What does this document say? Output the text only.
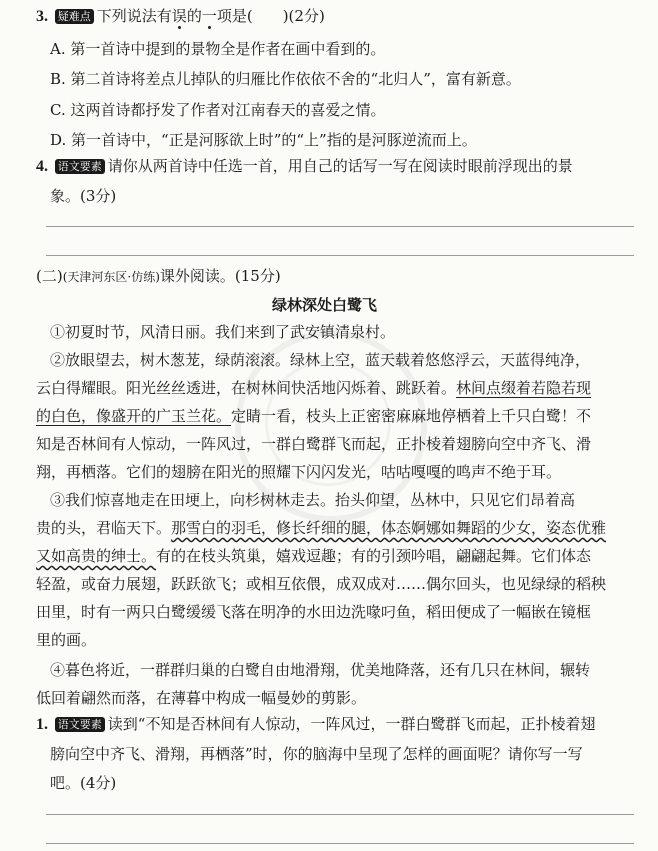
3. 疑难点 下列说法有误的一项是(　　)(2分)
A. 第一首诗中提到的景物全是作者在画中看到的。
B. 第二首诗将差点儿掉队的归雁比作依依不舍的“北归人”，富有新意。
C. 这两首诗都抒发了作者对江南春天的喜爱之情。
D. 第一首诗中，“正是河豚欲上时”的“上”指的是河豚逆流而上。
4. 语文要素 请你从两首诗中任选一首，用自己的话写一写在阅读时眼前浮现出的景
象。(3分)
(二)(天津河东区·仿练)课外阅读。(15分)
绿林深处白鹭飞
①初夏时节，风清日丽。我们来到了武安镇清泉村。
②放眼望去，树木葱茏，绿荫滚滚。绿林上空，蓝天载着悠悠浮云，天蓝得纯净，
云白得耀眼。阳光丝丝透进，在树林间快活地闪烁着、跳跃着。林间点缀着若隐若现
的白色，像盛开的广玉兰花。定睛一看，枝头上正密密麻麻地停栖着上千只白鹭！不
知是否林间有人惊动，一阵风过，一群白鹭群飞而起，正扑棱着翅膀向空中齐飞、滑
翔，再栖落。它们的翅膀在阳光的照耀下闪闪发光，咕咕嘎嘎的鸣声不绝于耳。
③我们惊喜地走在田埂上，向杉树林走去。抬头仰望，丛林中，只见它们昂着高
贵的头，君临天下。那雪白的羽毛，修长纤细的腿，体态婀娜如舞蹈的少女，姿态优雅
又如高贵的绅士。有的在枝头筑巢，嬉戏逗趣；有的引颈吟唱，翩翩起舞。它们体态
轻盈，或奋力展翅，跃跃欲飞；或相互依偎，成双成对……偶尔回头，也见绿绿的稻秧
田里，时有一两只白鹭缓缓飞落在明净的水田边洗喙叼鱼，稻田便成了一幅嵌在镜框
里的画。
④暮色将近，一群群归巢的白鹭自由地滑翔，优美地降落，还有几只在林间，辗转
低回着翩然而落，在薄暮中构成一幅曼妙的剪影。
1. 语文要素 读到“不知是否林间有人惊动，一阵风过，一群白鹭群飞而起，正扑棱着翅
膀向空中齐飞、滑翔，再栖落”时，你的脑海中呈现了怎样的画面呢？请你写一写
吧。(4分)
